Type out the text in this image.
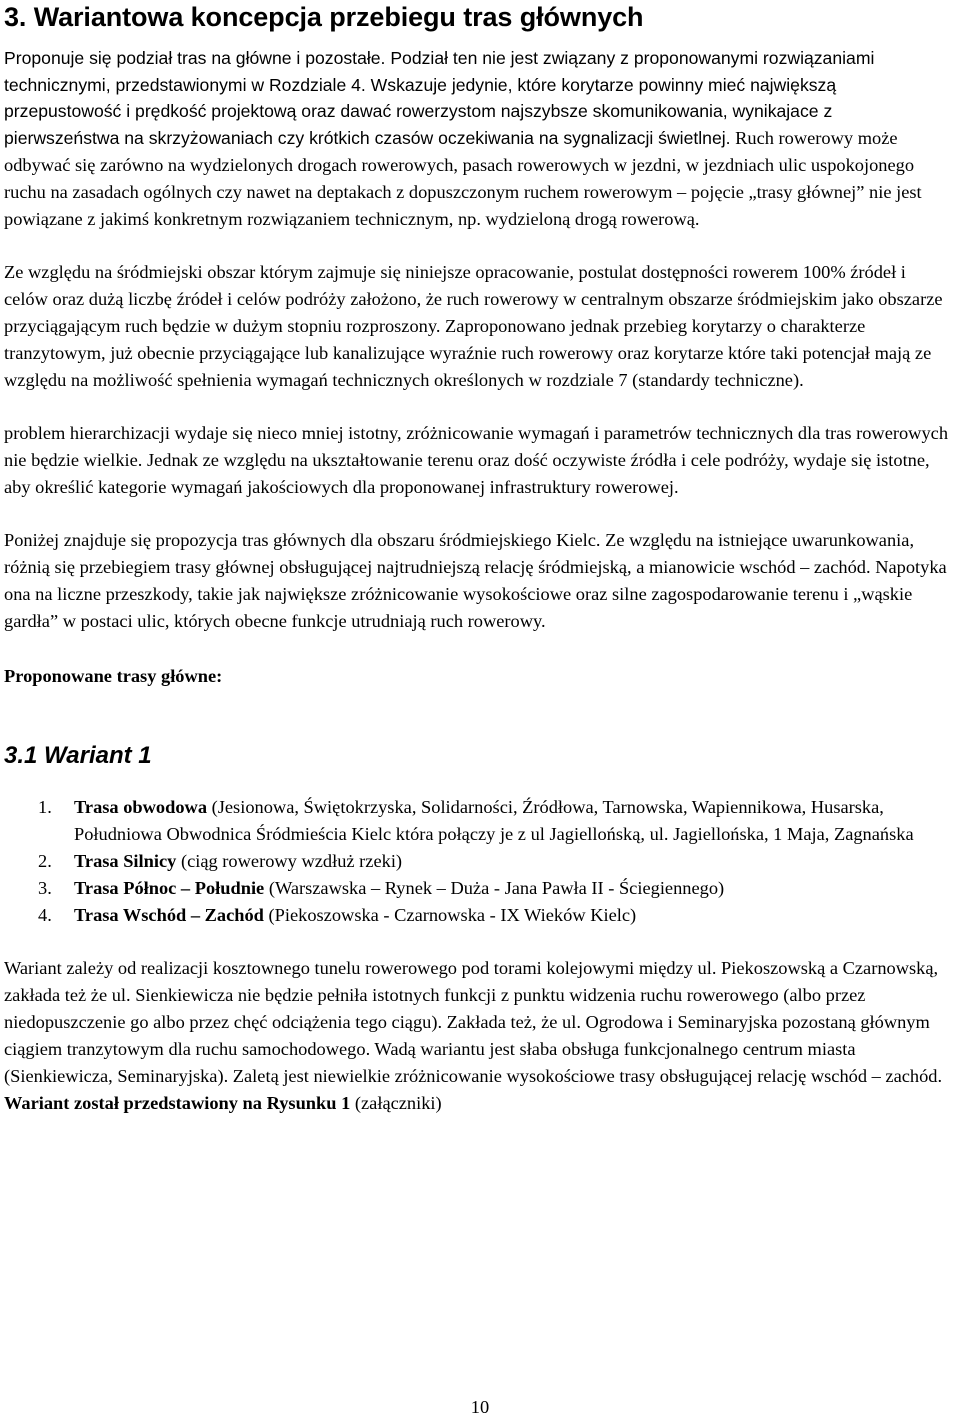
3. Wariantowa koncepcja przebiegu tras głównych

Proponuje się podział tras na główne i pozostałe. Podział ten nie jest związany z proponowanymi rozwiązaniami technicznymi, przedstawionymi w Rozdziale 4. Wskazuje jedynie, które korytarze powinny mieć największą przepustowość i prędkość projektową oraz dawać rowerzystom najszybsze skomunikowania, wynikajace z pierwszeństwa na skrzyżowaniach czy krótkich czasów oczekiwania na sygnalizacji świetlnej. Ruch rowerowy może odbywać się zarówno na wydzielonych drogach rowerowych, pasach rowerowych w jezdni, w jezdniach ulic uspokojonego ruchu na zasadach ogólnych czy nawet na deptakach z dopuszczonym ruchem rowerowym – pojęcie „trasy głównej” nie jest powiązane z jakimś konkretnym rozwiązaniem technicznym, np. wydzieloną drogą rowerową.

Ze względu na śródmiejski obszar którym zajmuje się niniejsze opracowanie, postulat dostępności rowerem 100% źródeł i celów oraz dużą liczbę źródeł i celów podróży założono, że ruch rowerowy w centralnym obszarze śródmiejskim jako obszarze przyciągającym ruch będzie w dużym stopniu rozproszony. Zaproponowano jednak przebieg korytarzy o charakterze tranzytowym, już obecnie przyciągające lub kanalizujące wyraźnie ruch rowerowy oraz korytarze które taki potencjał mają ze względu na możliwość spełnienia wymagań technicznych określonych w rozdziale 7 (standardy techniczne).

problem hierarchizacji wydaje się nieco mniej istotny, zróżnicowanie wymagań i parametrów technicznych dla tras rowerowych nie będzie wielkie. Jednak ze względu na ukształtowanie terenu oraz dość oczywiste źródła i cele podróży, wydaje się istotne, aby określić kategorie wymagań jakościowych dla proponowanej infrastruktury rowerowej.

Poniżej znajduje się propozycja tras głównych dla obszaru śródmiejskiego Kielc. Ze względu na istniejące uwarunkowania, różnią się przebiegiem trasy głównej obsługującej najtrudniejszą relację śródmiejską, a mianowicie wschód – zachód. Napotyka ona na liczne przeszkody, takie jak największe zróżnicowanie wysokościowe oraz silne zagospodarowanie terenu i „wąskie gardła” w postaci ulic, których obecne funkcje utrudniają ruch rowerowy.

Proponowane trasy główne:

3.1 Wariant 1
1. Trasa obwodowa (Jesionowa, Świętokrzyska, Solidarności, Źródłowa, Tarnowska, Wapiennikowa, Husarska, Południowa Obwodnica Śródmieścia Kielc która połączy je z ul Jagiellońską, ul. Jagiellońska, 1 Maja, Zagnańska
2. Trasa Silnicy (ciąg rowerowy wzdłuż rzeki)
3. Trasa Północ – Południe (Warszawska – Rynek – Duża - Jana Pawła II - Ściegiennego)
4. Trasa Wschód – Zachód (Piekoszowska - Czarnowska - IX Wieków Kielc)

Wariant zależy od realizacji kosztownego tunelu rowerowego pod torami kolejowymi między ul. Piekoszowską a Czarnowską, zakłada też że ul. Sienkiewicza nie będzie pełniła istotnych funkcji z punktu widzenia ruchu rowerowego (albo przez niedopuszczenie go albo przez chęć odciążenia tego ciągu). Zakłada też, że ul. Ogrodowa i Seminaryjska pozostaną głównym ciągiem tranzytowym dla ruchu samochodowego. Wadą wariantu jest słaba obsługa funkcjonalnego centrum miasta (Sienkiewicza, Seminaryjska). Zaletą jest niewielkie zróżnicowanie wysokościowe trasy obsługującej relację wschód – zachód. Wariant został przedstawiony na Rysunku 1 (załączniki)

10
